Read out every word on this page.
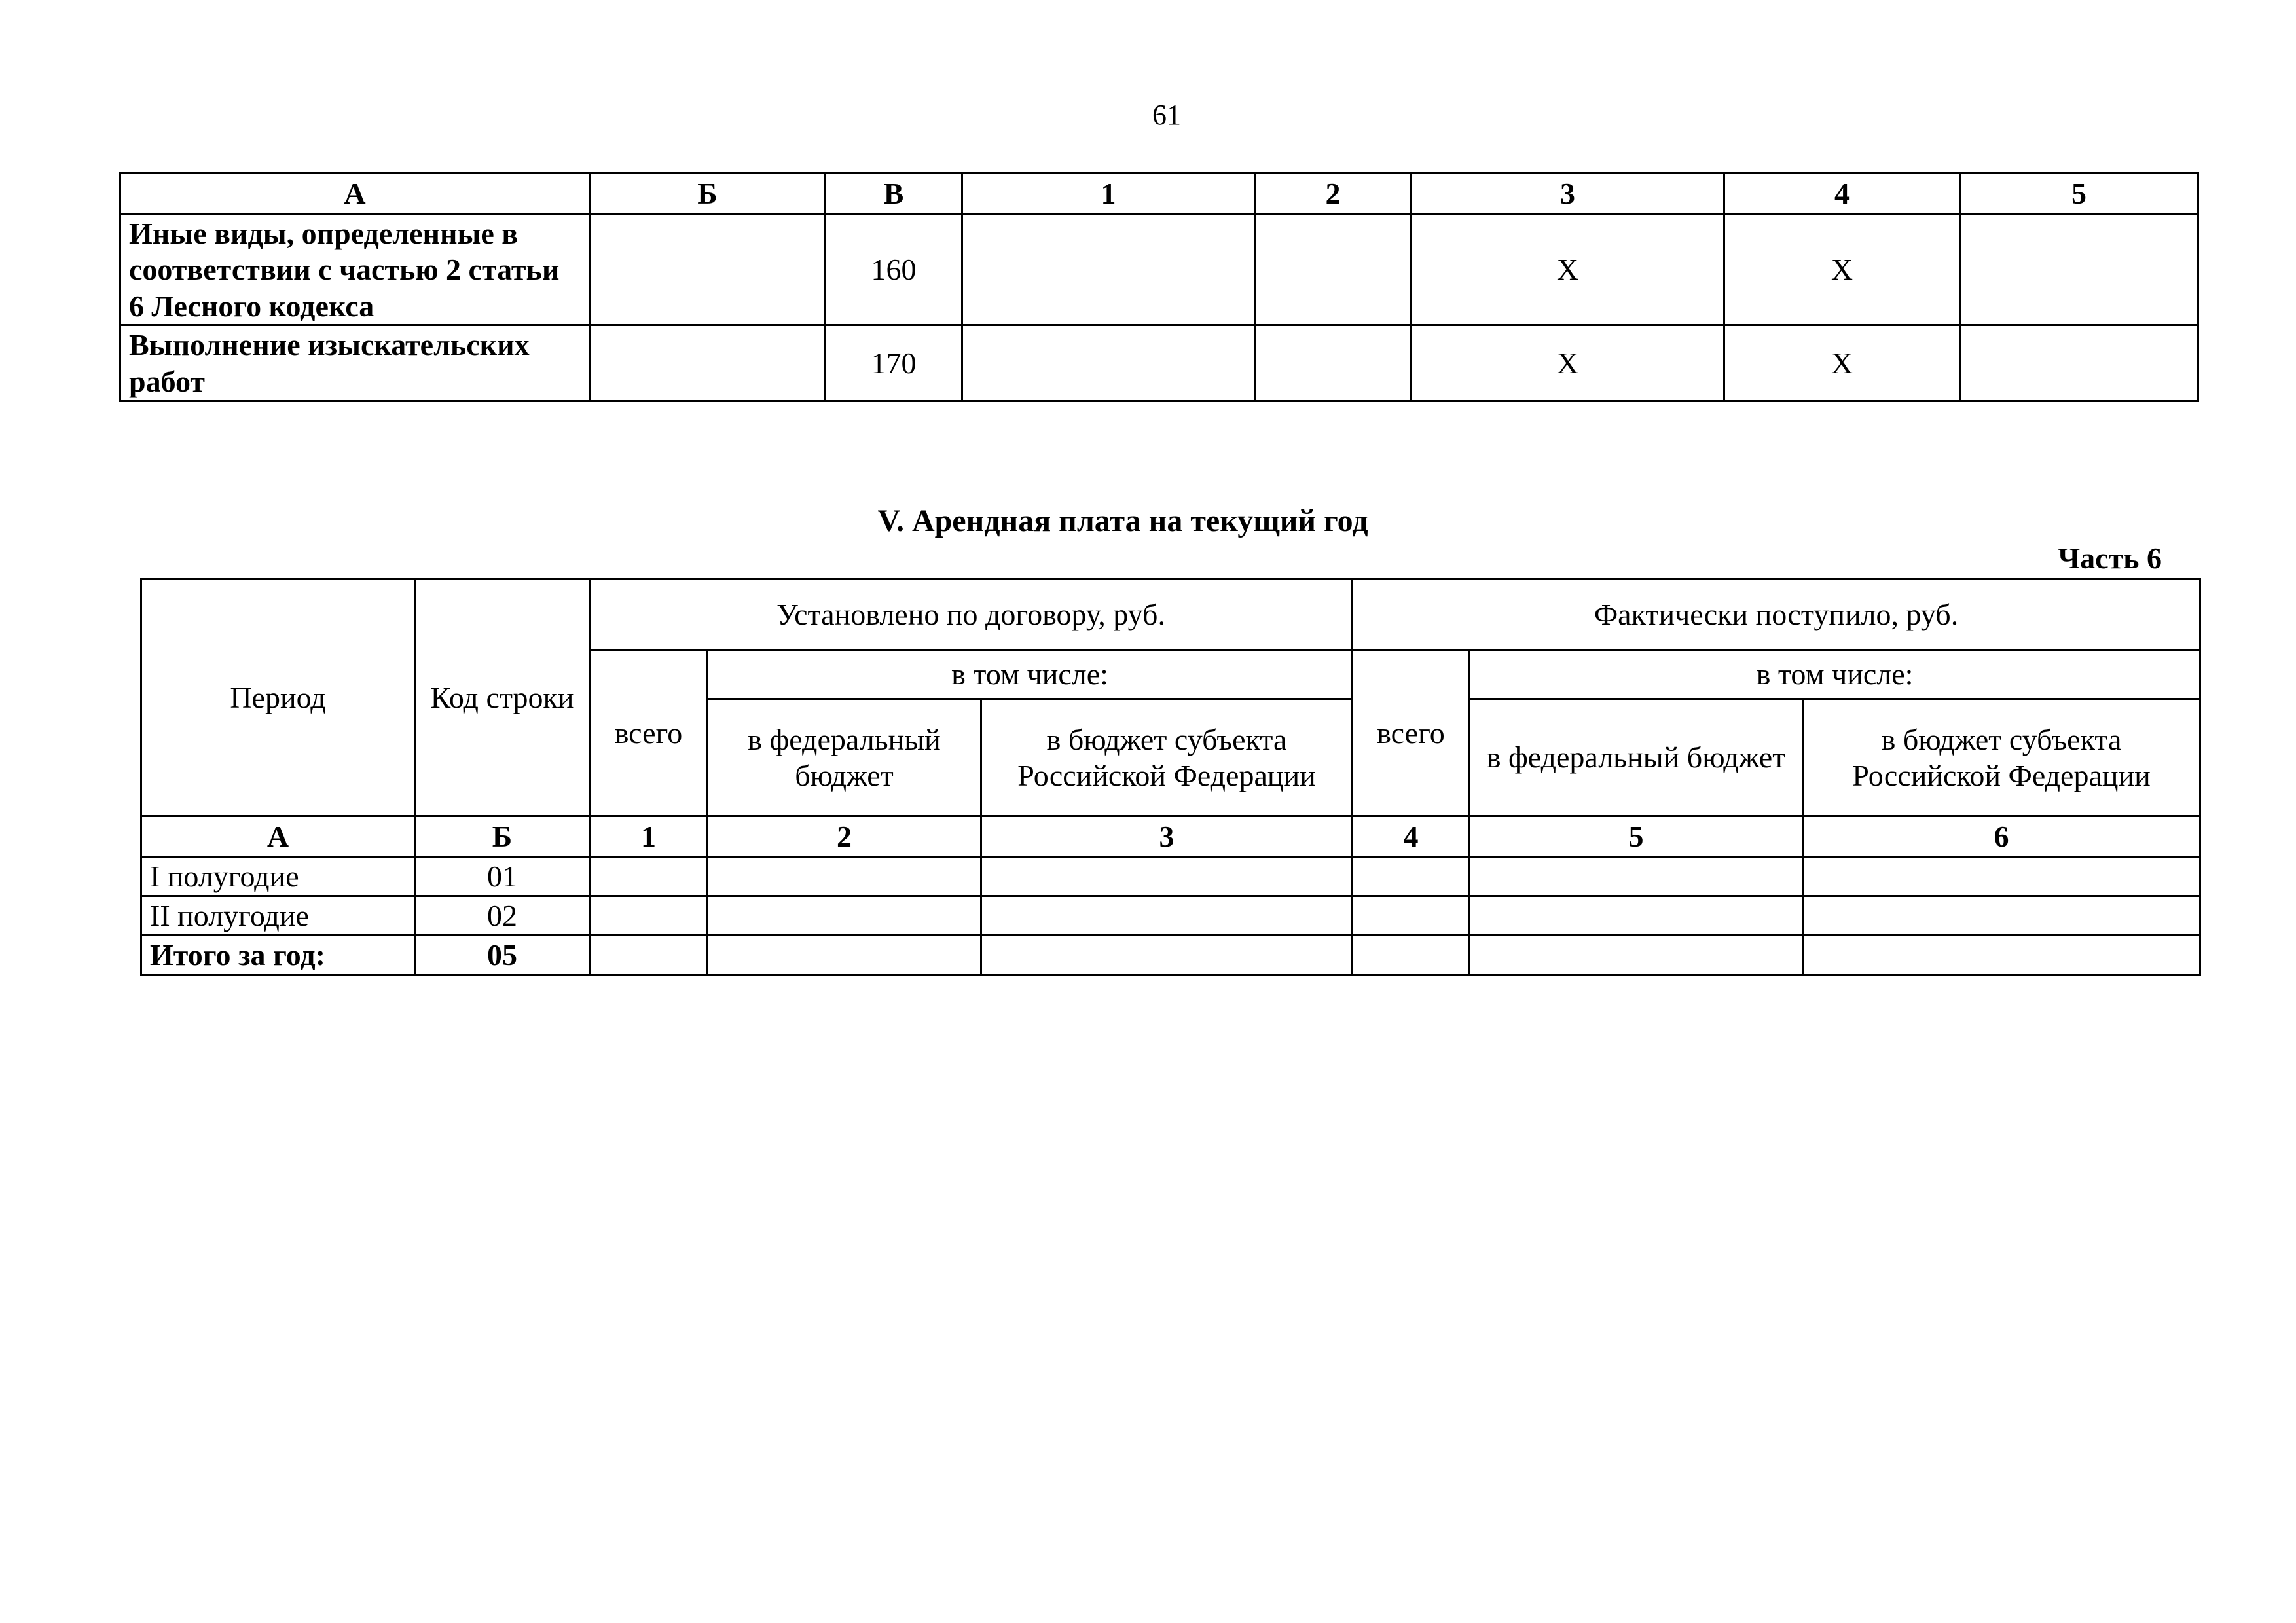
61
А	Б	В	1	2	3	4	5
Иные виды, определенные в соответствии с частью 2 статьи 6 Лесного кодекса		160			X	X	
Выполнение изыскательских работ		170			X	X	
V. Арендная плата на текущий год
Часть 6
Период	Код строки	Установлено по договору, руб.			Фактически поступило, руб.		
		всего	в том числе:		всего	в том числе:	
			в федеральный бюджет	в бюджет субъекта Российской Федерации		в федеральный бюджет	в бюджет субъекта Российской Федерации
А	Б	1	2	3	4	5	6
I полугодие	01						
II полугодие	02						
Итого за год:	05						
